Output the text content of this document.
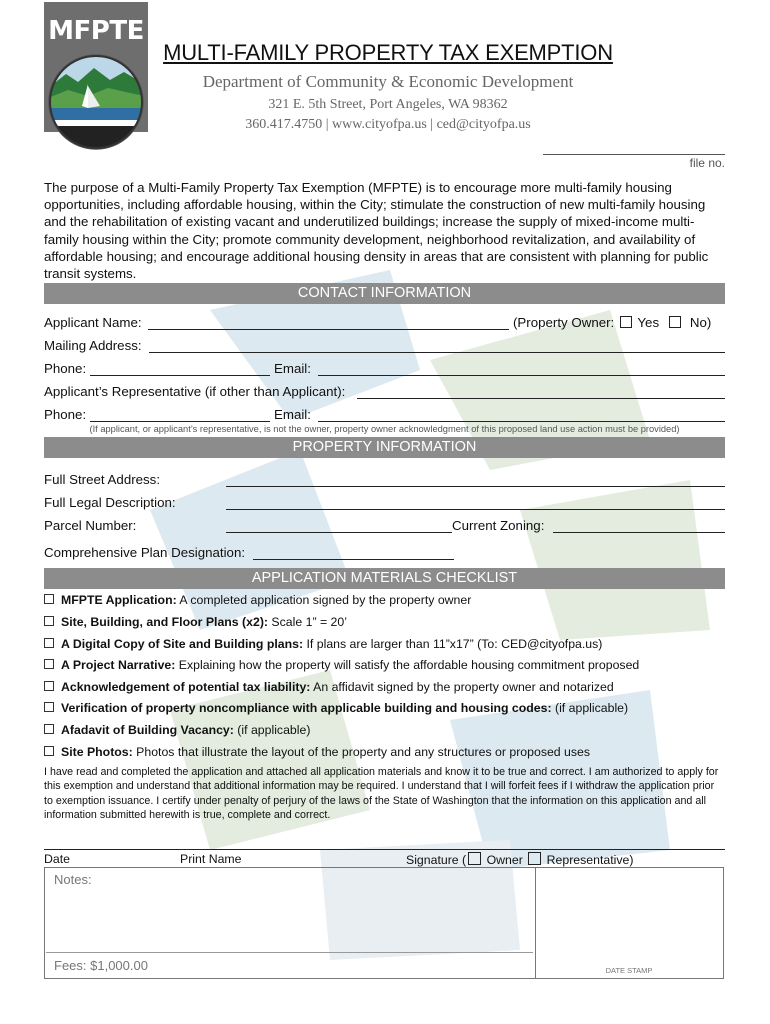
MFPTE
MULTI-FAMILY PROPERTY TAX EXEMPTION
Department of Community & Economic Development
321 E. 5th Street, Port Angeles, WA 98362
360.417.4750 | www.cityofpa.us | ced@cityofpa.us
file no.
The purpose of a Multi-Family Property Tax Exemption (MFPTE) is to encourage more multi-family housing opportunities, including affordable housing, within the City; stimulate the construction of new multi-family housing and the rehabilitation of existing vacant and underutilized buildings; increase the supply of mixed-income multi-family housing within the City; promote community development, neighborhood revitalization, and availability of affordable housing; and encourage additional housing density in areas that are consistent with planning for public transit systems.
CONTACT INFORMATION
Applicant Name:	(Property Owner: Yes No)
Mailing Address:
Phone:	Email:
Applicant’s Representative (if other than Applicant):
Phone:	Email:
(If applicant, or applicant’s representative, is not the owner, property owner acknowledgment of this proposed land use action must be provided)
PROPERTY INFORMATION
Full Street Address:
Full Legal Description:
Parcel Number:	Current Zoning:
Comprehensive Plan Designation:
APPLICATION MATERIALS CHECKLIST
MFPTE Application: A completed application signed by the property owner
Site, Building, and Floor Plans (x2): Scale 1” = 20’
A Digital Copy of Site and Building plans: If plans are larger than 11”x17” (To: CED@cityofpa.us)
A Project Narrative: Explaining how the property will satisfy the affordable housing commitment proposed
Acknowledgement of potential tax liability: An affidavit signed by the property owner and notarized
Verification of property noncompliance with applicable building and housing codes: (if applicable)
Afadavit of Building Vacancy: (if applicable)
Site Photos: Photos that illustrate the layout of the property and any structures or proposed uses
I have read and completed the application and attached all application materials and know it to be true and correct. I am authorized to apply for this exemption and understand that additional information may be required. I understand that I will forfeit fees if I withdraw the application prior to exemption issuance. I certify under penalty of perjury of the laws of the State of Washington that the information on this application and all information submitted herewith is true, complete and correct.
Date	Print Name	Signature ( Owner Representative)
Notes:
Fees: $1,000.00	DATE STAMP
